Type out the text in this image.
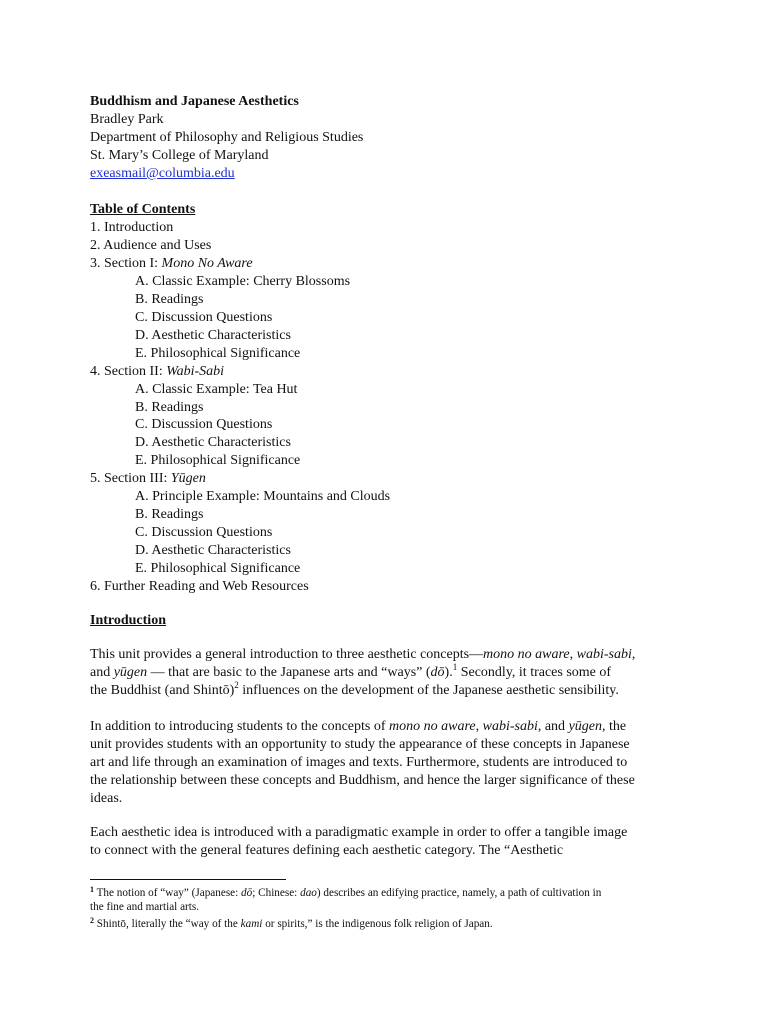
Buddhism and Japanese Aesthetics
Bradley Park
Department of Philosophy and Religious Studies
St. Mary’s College of Maryland
exeasmail@columbia.edu
Table of Contents
1. Introduction
2. Audience and Uses
3. Section I: Mono No Aware
A. Classic Example: Cherry Blossoms
B. Readings
C. Discussion Questions
D. Aesthetic Characteristics
E. Philosophical Significance
4. Section II: Wabi-Sabi
A. Classic Example: Tea Hut
B. Readings
C. Discussion Questions
D. Aesthetic Characteristics
E. Philosophical Significance
5. Section III: Yūgen
A. Principle Example: Mountains and Clouds
B. Readings
C. Discussion Questions
D. Aesthetic Characteristics
E. Philosophical Significance
6. Further Reading and Web Resources
Introduction
This unit provides a general introduction to three aesthetic concepts—mono no aware, wabi-sabi,
and yūgen — that are basic to the Japanese arts and “ways” (dō).$^1$ Secondly, it traces some of
the Buddhist (and Shintō)$^2$ influences on the development of the Japanese aesthetic sensibility.
In addition to introducing students to the concepts of mono no aware, wabi-sabi, and yūgen, the
unit provides students with an opportunity to study the appearance of these concepts in Japanese
art and life through an examination of images and texts. Furthermore, students are introduced to
the relationship between these concepts and Buddhism, and hence the larger significance of these
ideas.
Each aesthetic idea is introduced with a paradigmatic example in order to offer a tangible image
to connect with the general features defining each aesthetic category. The “Aesthetic
$^1$ The notion of “way” (Japanese: dō; Chinese: dao) describes an edifying practice, namely, a path of cultivation in
the fine and martial arts.
$^2$ Shintō, literally the “way of the kami or spirits,” is the indigenous folk religion of Japan.
